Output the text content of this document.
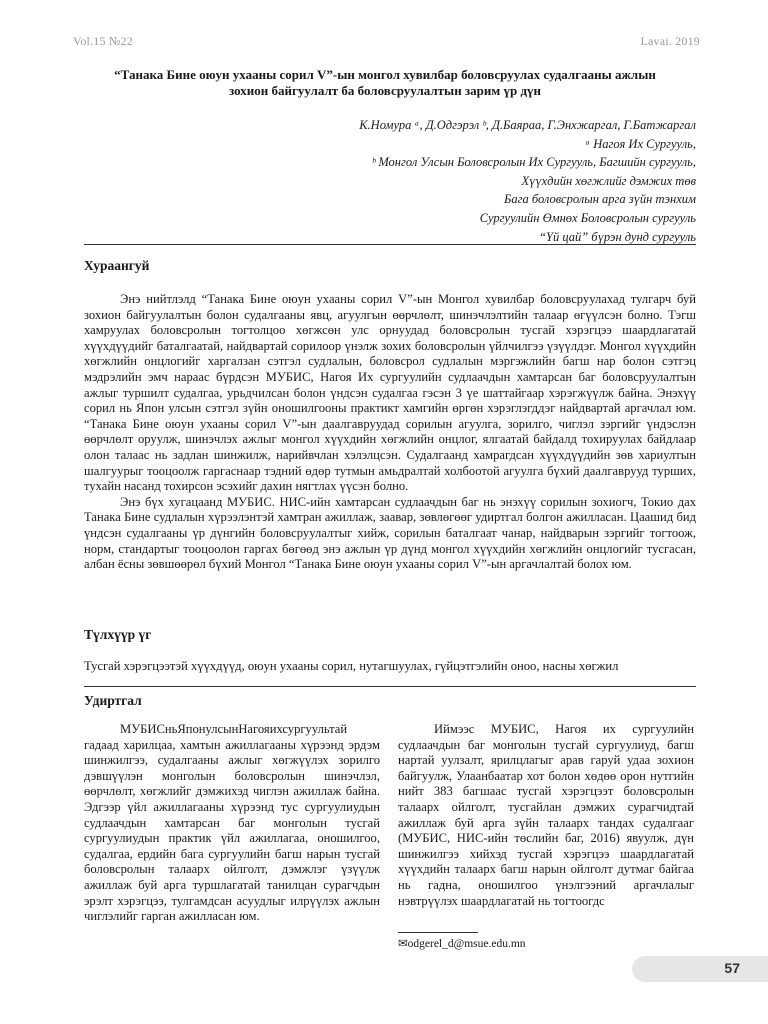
Vol.15 №22	Lavai. 2019
“Танака Бине оюун ухааны сорил V”-ын монгол хувилбар боловсруулах судалгааны ажлын
зохион байгуулалт ба боловсруулалтын зарим үр дүн
К.Номура ᵃ, Д.Одгэрэл ᵇ, Д.Баяраа, Г.Энхжаргал, Г.Батжаргал
ᵃ Нагоя Их Сургууль,
ᵇ Монгол Улсын Боловсролын Их Сургууль, Багшийн сургууль,
Хүүхдийн хөгжлийг дэмжих төв
Бага боловсролын арга зүйн тэнхим
Сургуулийн Өмнөх Боловсролын сургууль
“Үй цай” бүрэн дунд сургууль
Хураангуй

Энэ нийтлэлд “Танака Бине оюун ухааны сорил V”-ын Монгол хувилбар боловсруулахад тулгарч буй зохион байгуулалтын болон судалгааны явц, агуулгын өөрчлөлт, шинэчлэлтийн талаар өгүүлсэн болно. Тэгш хамруулах боловсролын тогтолцоо хөгжсөн улс орнуудад боловсролын тусгай хэрэгцээ шаардлагатай хүүхдүүдийг баталгаатай, найдвартай сорилоор үнэлж зохих боловсролын үйлчилгээ үзүүлдэг. Монгол хүүхдийн хөгжлийн онцлогийг харгалзан сэтгэл судлалын, боловсрол судлалын мэргэжлийн багш нар болон сэтгэц мэдрэлийн эмч нараас бүрдсэн МУБИС, Нагоя Их сургуулийн судлаачдын хамтарсан баг боловсруулалтын ажлыг туршилт судалгаа, урьдчилсан болон үндсэн судалгаа гэсэн 3 үе шаттайгаар хэрэгжүүлж байна. Энэхүү сорил нь Япон улсын сэтгэл зүйн оношилгооны практикт хамгийн өргөн хэрэглэгддэг найдвартай аргачлал юм. “Танака Бине оюун ухааны сорил V”-ын даалгавруудад сорилын агуулга, зорилго, чиглэл зэргийг үндэслэн өөрчлөлт оруулж, шинэчлэх ажлыг монгол хүүхдийн хөгжлийн онцлог, ялгаатай байдалд тохируулах байдлаар олон талаас нь задлан шинжилж, нарийвчлан хэлэлцсэн. Судалгаанд хамрагдсан хүүхдүүдийн зөв хариултын шалгуурыг тооцоолж гаргаснаар тэдний өдөр тутмын амьдралтай холбоотой агуулга бүхий даалгаврууд турших, тухайн насанд тохирсон эсэхийг дахин нягтлах үүсэн болно.

Энэ бүх хугацаанд МУБИС. НИС-ийн хамтарсан судлаачдын баг нь энэхүү сорилын зохиогч, Токио дах Танака Бине судлалын хүрээлэнтэй хамтран ажиллаж, заавар, зөвлөгөөг удиртгал болгон ажилласан. Цаашид бид үндсэн судалгааны үр дүнгийн боловсруулалтыг хийж, сорилын баталгаат чанар, найдварын зэргийг тогтоож, норм, стандартыг тооцоолон гаргах бөгөөд энэ ажлын үр дүнд монгол хүүхдийн хөгжлийн онцлогийг тусгасан, албан ёсны зөвшөөрөл бүхий Монгол “Танака Бине оюун ухааны сорил V”-ын аргачлалтай болох юм.

Түлхүүр үг
Тусгай хэрэгцээтэй хүүхдүүд, оюун ухааны сорил, нутагшуулах, гүйцэтгэлийн оноо, насны хөгжил
Удиртгал

МУБИСньЯпонулсынНагояихсургуультай гадаад харилцаа, хамтын ажиллагааны хүрээнд эрдэм шинжилгээ, судалгааны ажлыг хөгжүүлэх зорилго дэвшүүлэн монголын боловсролын шинэчлэл, өөрчлөлт, хөгжлийг дэмжихэд чиглэн ажиллаж байна. Эдгээр үйл ажиллагааны хүрээнд тус сургуулиудын судлаачдын хамтарсан баг монголын тусгай сургуулиудын практик үйл ажиллагаа, оношилгоо, судалгаа, ердийн бага сургуулийн багш нарын тусгай боловсролын талаарх ойлголт, дэмжлэг үзүүлж ажиллаж буй арга туршлагатай танилцан сурагчдын эрэлт хэрэгцээ, тулгамдсан асуудлыг илрүүлэх ажлын чиглэлийг гарган ажилласан юм.

Иймээс МУБИС, Нагоя их сургуулийн судлаачдын баг монголын тусгай сургуулиуд, багш нартай уулзалт, ярилцлагыг арав гаруй удаа зохион байгуулж, Улаанбаатар хот болон хөдөө орон нутгийн нийт 383 багшаас тусгай хэрэгцээт боловсролын талаарх ойлголт, тусгайлан дэмжих сурагчидтай ажиллаж буй арга зүйн талаарх тандах судалгааг (МУБИС, НИС-ийн төслийн баг, 2016) явуулж, дүн шинжилгээ хийхэд тусгай хэрэгцээ шаардлагатай хүүхдийн талаарх багш нарын ойлголт дутмаг байгаа нь гадна, оношилгоо үнэлгээний аргачлалыг нэвтрүүлэх шаардлагатай нь тогтоогдс

✉odgerel_d@msue.edu.mn
57
